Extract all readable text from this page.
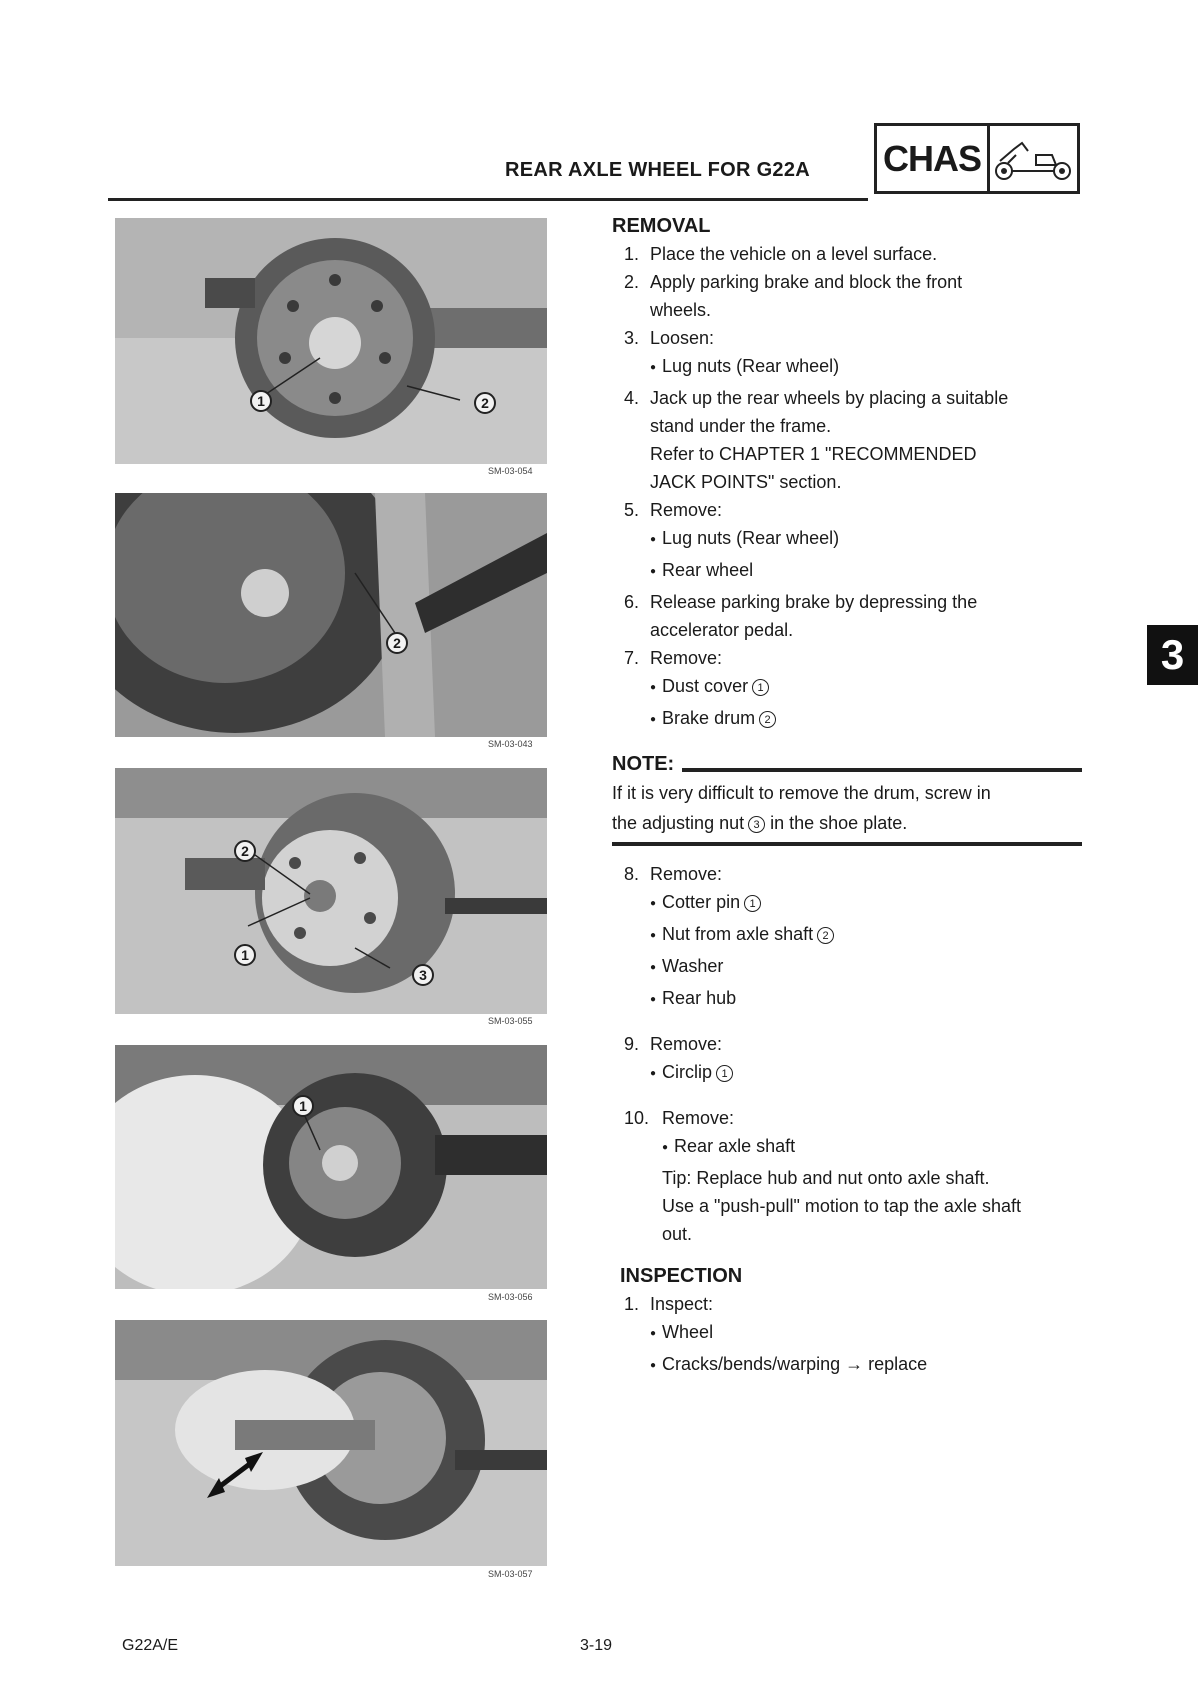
REAR AXLE WHEEL FOR G22A CHAS
1	2
SM-03-054
2
SM-03-043
2
1
3
SM-03-055
1
SM-03-056
SM-03-057
REMOVAL
1. Place the vehicle on a level surface.
2. Apply parking brake and block the front
wheels.
3. Loosen:
● Lug nuts (Rear wheel)
4. Jack up the rear wheels by placing a suitable
stand under the frame.
Refer to CHAPTER 1 "RECOMMENDED
JACK POINTS" section.
5. Remove:
● Lug nuts (Rear wheel)
● Rear wheel
6. Release parking brake by depressing the
accelerator pedal.
7. Remove:
● Dust cover 1
● Brake drum 2
NOTE:
If it is very difficult to remove the drum, screw in
the adjusting nut 3 in the shoe plate.
8. Remove:
● Cotter pin 1
● Nut from axle shaft 2
● Washer
● Rear hub
9. Remove:
● Circlip 1
10. Remove:
● Rear axle shaft
Tip: Replace hub and nut onto axle shaft.
Use a "push-pull" motion to tap the axle shaft
out.
INSPECTION
1. Inspect:
● Wheel
● Cracks/bends/warping → replace
3
G22A/E	3-19
